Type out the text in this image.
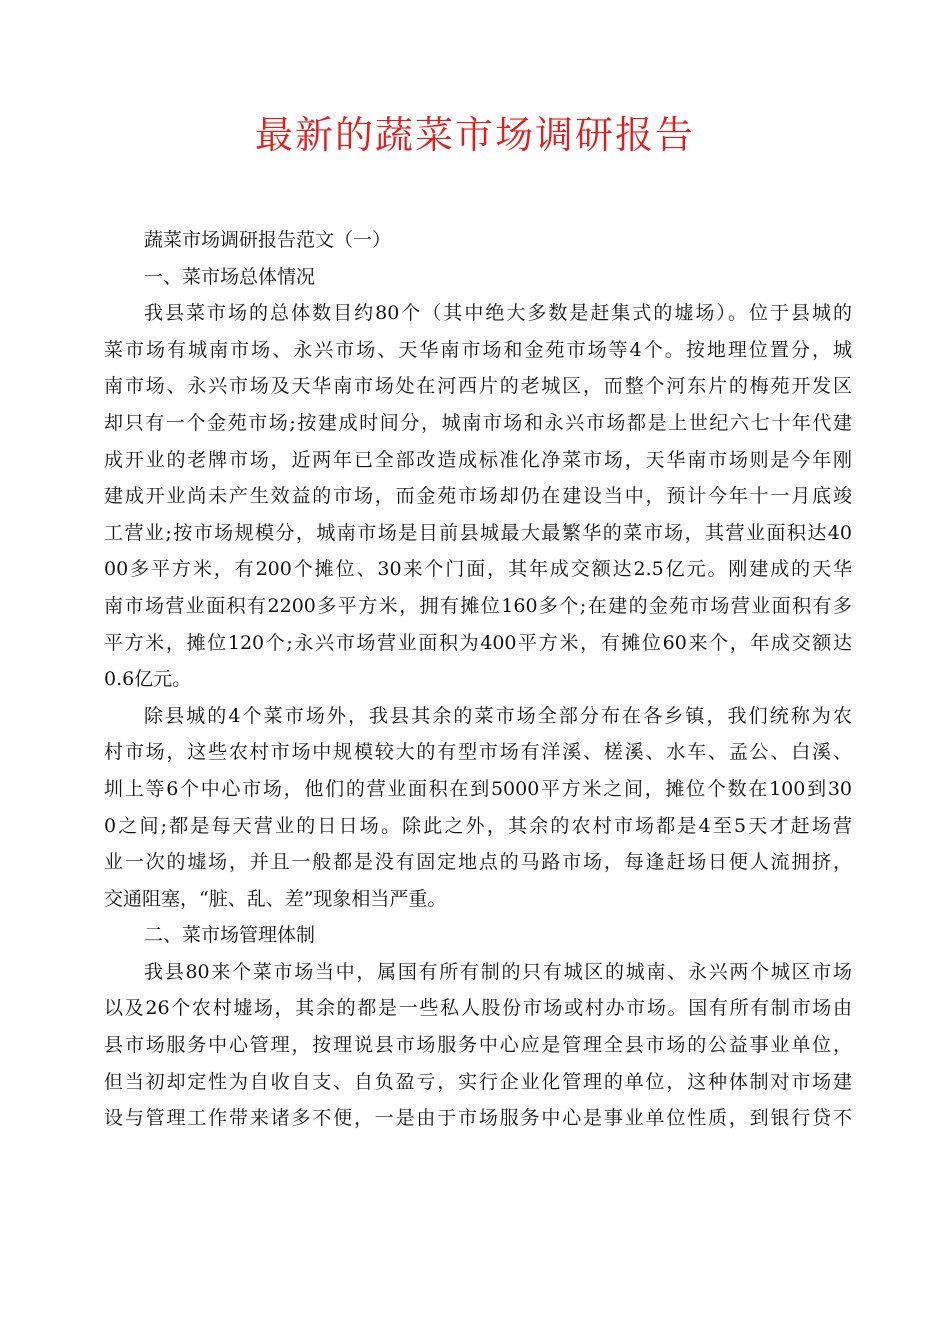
最新的蔬菜市场调研报告
蔬菜市场调研报告范文（一）
一、菜市场总体情况
我县菜市场的总体数目约80个（其中绝大多数是赶集式的墟场）。位于县城的
菜市场有城南市场、永兴市场、天华南市场和金苑市场等4个。按地理位置分，城
南市场、永兴市场及天华南市场处在河西片的老城区，而整个河东片的梅苑开发区
却只有一个金苑市场;按建成时间分，城南市场和永兴市场都是上世纪六七十年代建
成开业的老牌市场，近两年已全部改造成标准化净菜市场，天华南市场则是今年刚
建成开业尚未产生效益的市场，而金苑市场却仍在建设当中，预计今年十一月底竣
工营业;按市场规模分，城南市场是目前县城最大最繁华的菜市场，其营业面积达40
00多平方米，有200个摊位、30来个门面，其年成交额达2.5亿元。刚建成的天华
南市场营业面积有2200多平方米，拥有摊位160多个;在建的金苑市场营业面积有多
平方米，摊位120个;永兴市场营业面积为400平方米，有摊位60来个，年成交额达
0.6亿元。
除县城的4个菜市场外，我县其余的菜市场全部分布在各乡镇，我们统称为农
村市场，这些农村市场中规模较大的有型市场有洋溪、槎溪、水车、孟公、白溪、
圳上等6个中心市场，他们的营业面积在到5000平方米之间，摊位个数在100到30
0之间;都是每天营业的日日场。除此之外，其余的农村市场都是4至5天才赶场营
业一次的墟场，并且一般都是没有固定地点的马路市场，每逢赶场日便人流拥挤，
交通阻塞，“脏、乱、差”现象相当严重。
二、菜市场管理体制
我县80来个菜市场当中，属国有所有制的只有城区的城南、永兴两个城区市场
以及26个农村墟场，其余的都是一些私人股份市场或村办市场。国有所有制市场由
县市场服务中心管理，按理说县市场服务中心应是管理全县市场的公益事业单位，
但当初却定性为自收自支、自负盈亏，实行企业化管理的单位，这种体制对市场建
设与管理工作带来诸多不便，一是由于市场服务中心是事业单位性质，到银行贷不
